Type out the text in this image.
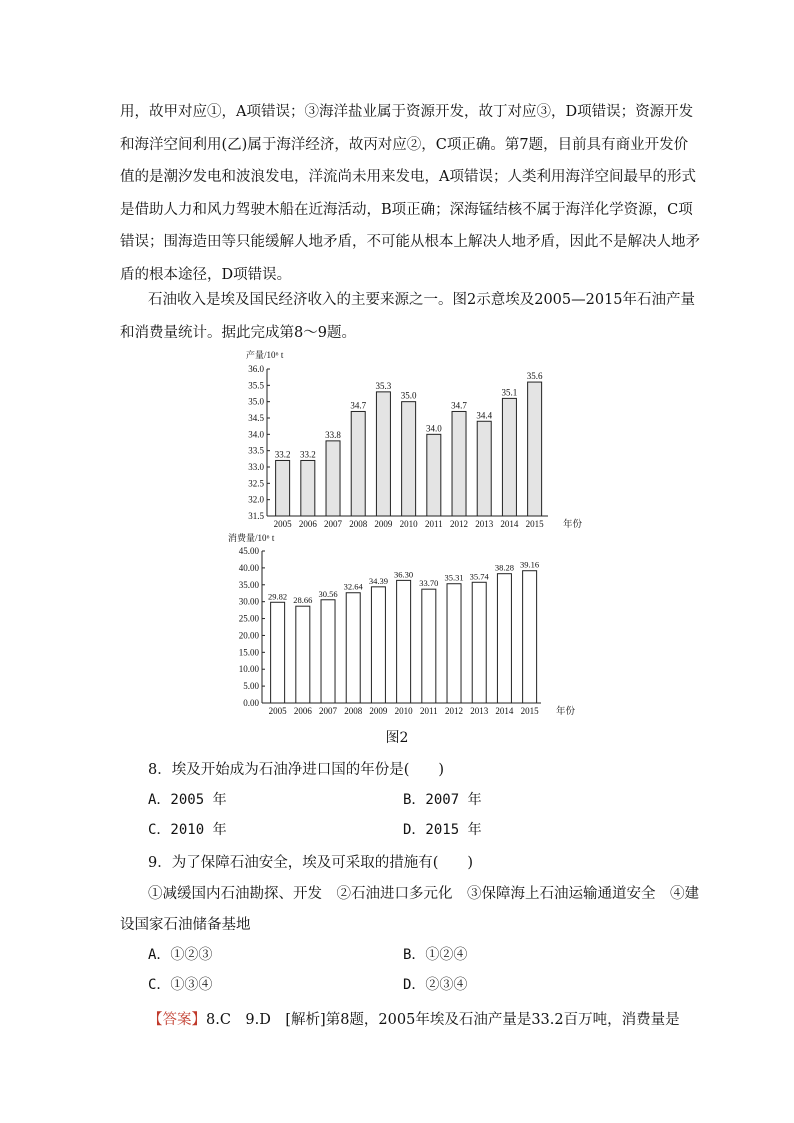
用，故甲对应①，A项错误；③海洋盐业属于资源开发，故丁对应③，D项错误；资源开发
和海洋空间利用(乙)属于海洋经济，故丙对应②，C项正确。第7题，目前具有商业开发价
值的是潮汐发电和波浪发电，洋流尚未用来发电，A项错误；人类利用海洋空间最早的形式
是借助人力和风力驾驶木船在近海活动，B项正确；深海锰结核不属于海洋化学资源，C项
错误；围海造田等只能缓解人地矛盾，不可能从根本上解决人地矛盾，因此不是解决人地矛
盾的根本途径，D项错误。
石油收入是埃及国民经济收入的主要来源之一。图2示意埃及2005—2015年石油产量
和消费量统计。据此完成第8～9题。
31.5
32.0
32.5
33.0
33.5
34.0
34.5
35.0
35.5
36.0
产量/10⁶ t
33.2
2005
33.2
2006
33.8
2007
34.7
2008
35.3
2009
35.0
2010
34.0
2011
34.7
2012
34.4
2013
35.1
2014
35.6
2015 年份
0.00
5.00
10.00
15.00
20.00
25.00
30.00
35.00
40.00
45.00
消费量/10⁶ t
29.82
2005
28.66
2006
30.56
2007
32.64
2008
34.39
2009
36.30
2010
33.70
2011
35.31
2012
35.74
2013
38.28
2014
39.16
2015 年份
图2
8．埃及开始成为石油净进口国的年份是(　　)
A．2005 年	B．2007 年
C．2010 年	D．2015 年
9．为了保障石油安全，埃及可采取的措施有(　　)
①减缓国内石油勘探、开发　②石油进口多元化　③保障海上石油运输通道安全　④建
设国家石油储备基地
A．①②③	B．①②④
C．①③④	D．②③④
【答案】8.C　9.D　[解析]第8题，2005年埃及石油产量是33.2百万吨，消费量是
